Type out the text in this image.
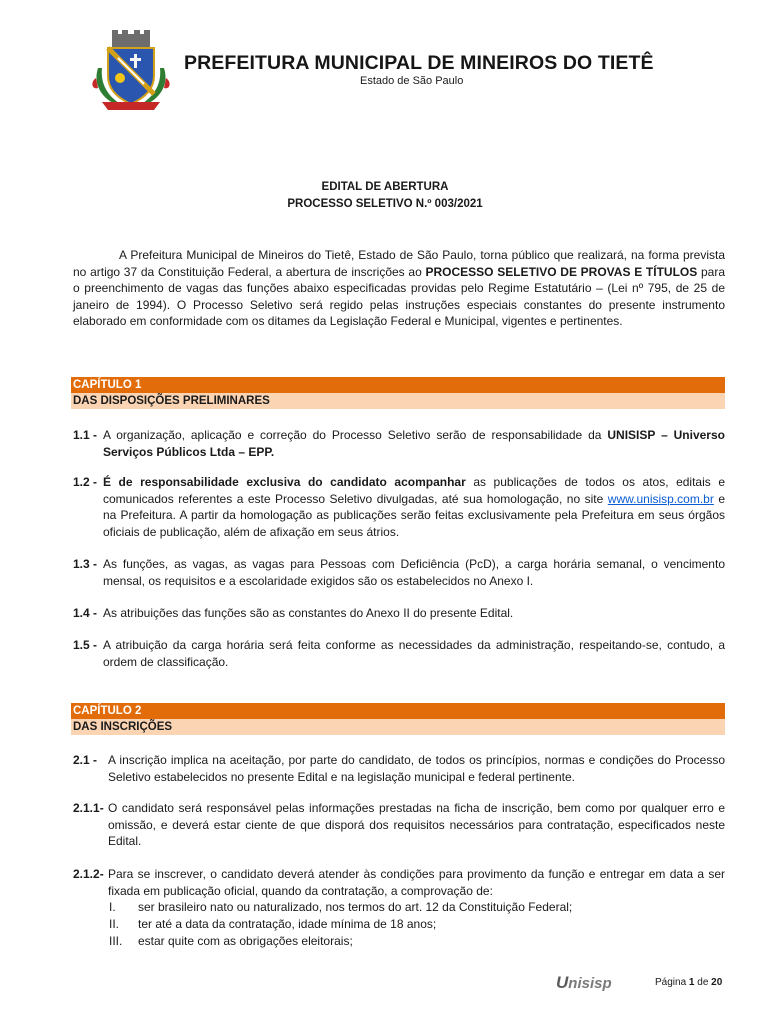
PREFEITURA MUNICIPAL DE MINEIROS DO TIETÊ
Estado de São Paulo
EDITAL DE ABERTURA
PROCESSO SELETIVO N.º 003/2021
A Prefeitura Municipal de Mineiros do Tietê, Estado de São Paulo, torna público que realizará, na forma prevista no artigo 37 da Constituição Federal, a abertura de inscrições ao PROCESSO SELETIVO DE PROVAS E TÍTULOS para o preenchimento de vagas das funções abaixo especificadas providas pelo Regime Estatutário – (Lei nº 795, de 25 de janeiro de 1994). O Processo Seletivo será regido pelas instruções especiais constantes do presente instrumento elaborado em conformidade com os ditames da Legislação Federal e Municipal, vigentes e pertinentes.
CAPÍTULO 1
DAS DISPOSIÇÕES PRELIMINARES
1.1 - A organização, aplicação e correção do Processo Seletivo serão de responsabilidade da UNISISP – Universo Serviços Públicos Ltda – EPP.
1.2 - É de responsabilidade exclusiva do candidato acompanhar as publicações de todos os atos, editais e comunicados referentes a este Processo Seletivo divulgadas, até sua homologação, no site www.unisisp.com.br e na Prefeitura. A partir da homologação as publicações serão feitas exclusivamente pela Prefeitura em seus órgãos oficiais de publicação, além de afixação em seus átrios.
1.3 - As funções, as vagas, as vagas para Pessoas com Deficiência (PcD), a carga horária semanal, o vencimento mensal, os requisitos e a escolaridade exigidos são os estabelecidos no Anexo I.
1.4 - As atribuições das funções são as constantes do Anexo II do presente Edital.
1.5 - A atribuição da carga horária será feita conforme as necessidades da administração, respeitando-se, contudo, a ordem de classificação.
CAPÍTULO 2
DAS INSCRIÇÕES
2.1 - A inscrição implica na aceitação, por parte do candidato, de todos os princípios, normas e condições do Processo Seletivo estabelecidos no presente Edital e na legislação municipal e federal pertinente.
2.1.1- O candidato será responsável pelas informações prestadas na ficha de inscrição, bem como por qualquer erro e omissão, e deverá estar ciente de que disporá dos requisitos necessários para contratação, especificados neste Edital.
2.1.2- Para se inscrever, o candidato deverá atender às condições para provimento da função e entregar em data a ser fixada em publicação oficial, quando da contratação, a comprovação de:
I. ser brasileiro nato ou naturalizado, nos termos do art. 12 da Constituição Federal;
II. ter até a data da contratação, idade mínima de 18 anos;
III. estar quite com as obrigações eleitorais;
Unisisp	Página 1 de 20
